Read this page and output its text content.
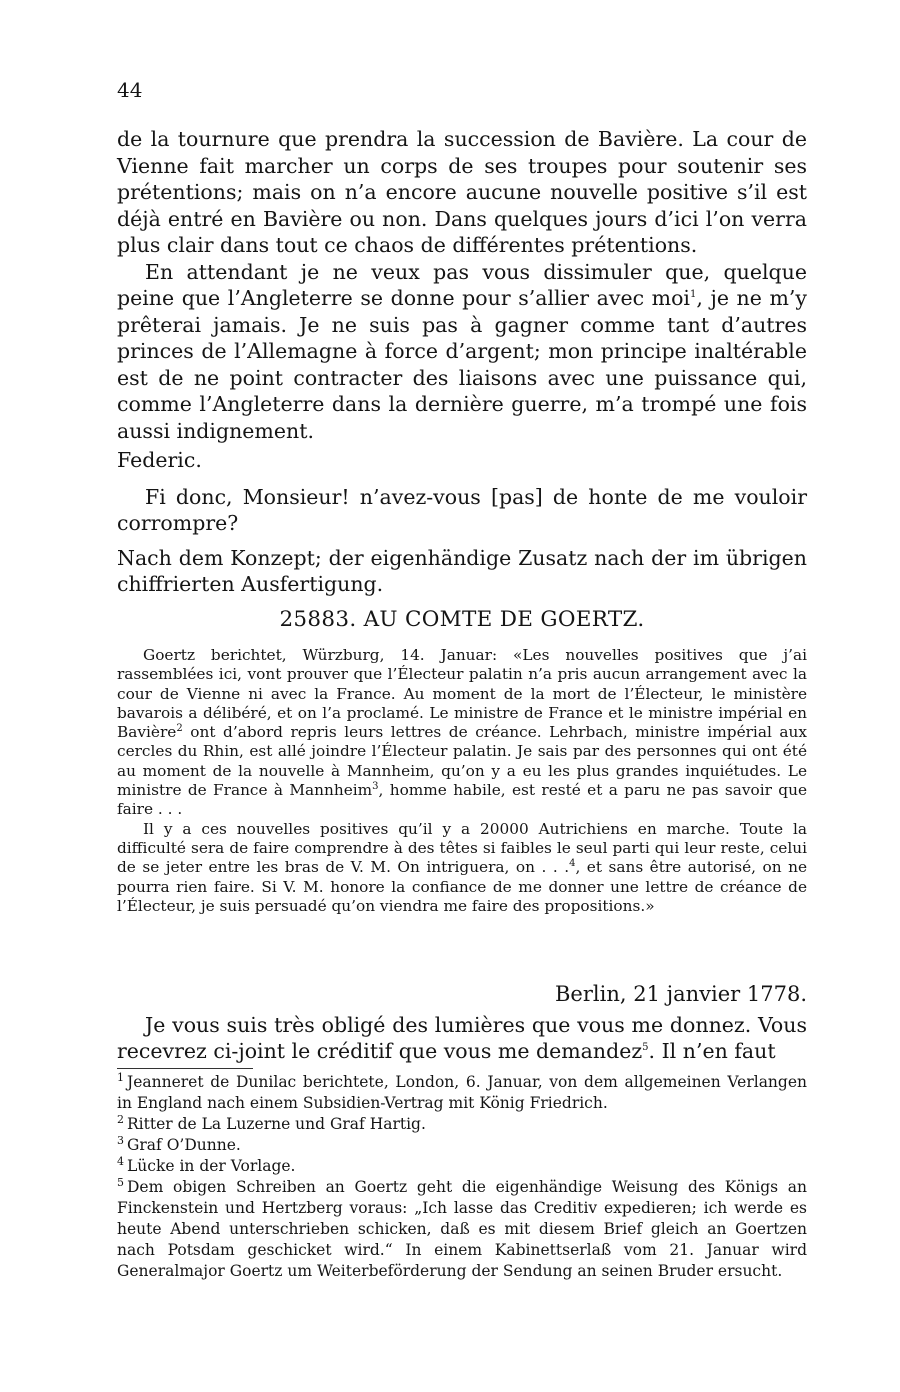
44

de la tournure que prendra la succession de Bavière. La cour de Vienne fait marcher un corps de ses troupes pour soutenir ses prétentions; mais on n’a encore aucune nouvelle positive s’il est déjà entré en Bavière ou non. Dans quelques jours d’ici l’on verra plus clair dans tout ce chaos de différentes prétentions.

En attendant je ne veux pas vous dissimuler que, quelque peine que l’Angleterre se donne pour s’allier avec moi$^1$, je ne m’y prêterai jamais. Je ne suis pas à gagner comme tant d’autres princes de l’Allemagne à force d’argent; mon principe inaltérable est de ne point contracter des liaisons avec une puissance qui, comme l’Angleterre dans la dernière guerre, m’a trompé une fois aussi indignement.

Federic.

Fi donc, Monsieur! n’avez-vous [pas] de honte de me vouloir corrompre?

Nach dem Konzept; der eigenhändige Zusatz nach der im übrigen chiffrierten Ausfertigung.

25883. AU COMTE DE GOERTZ.

Goertz berichtet, Würzburg, 14. Januar: «Les nouvelles positives que j’ai rassemblées ici, vont prouver que l’Électeur palatin n’a pris aucun arrangement avec la cour de Vienne ni avec la France. Au moment de la mort de l’Électeur, le ministère bavarois a délibéré, et on l’a proclamé. Le ministre de France et le ministre impérial en Bavière$^2$ ont d’abord repris leurs lettres de créance. Lehrbach, ministre impérial aux cercles du Rhin, est allé joindre l’Électeur palatin. Je sais par des personnes qui ont été au moment de la nouvelle à Mannheim, qu’on y a eu les plus grandes inquiétudes. Le ministre de France à Mannheim$^3$, homme habile, est resté et a paru ne pas savoir que faire . . .

Il y a ces nouvelles positives qu’il y a 20000 Autrichiens en marche. Toute la difficulté sera de faire comprendre à des têtes si faibles le seul parti qui leur reste, celui de se jeter entre les bras de V. M. On intriguera, on . . .$^4$, et sans être autorisé, on ne pourra rien faire. Si V. M. honore la confiance de me donner une lettre de créance de l’Électeur, je suis persuadé qu’on viendra me faire des propositions.»

Berlin, 21 janvier 1778.

Je vous suis très obligé des lumières que vous me donnez. Vous recevrez ci-joint le créditif que vous me demandez$^5$. Il n’en faut

$^1$ Jeanneret de Dunilac berichtete, London, 6. Januar, von dem allgemeinen Verlangen in England nach einem Subsidien-Vertrag mit König Friedrich.

$^2$ Ritter de La Luzerne und Graf Hartig.

$^3$ Graf O’Dunne.

$^4$ Lücke in der Vorlage.

$^5$ Dem obigen Schreiben an Goertz geht die eigenhändige Weisung des Königs an Finckenstein und Hertzberg voraus: „Ich lasse das Creditiv expedieren; ich werde es heute Abend unterschrieben schicken, daß es mit diesem Brief gleich an Goertzen nach Potsdam geschicket wird.“ In einem Kabinettserlaß vom 21. Januar wird Generalmajor Goertz um Weiterbeförderung der Sendung an seinen Bruder ersucht.
